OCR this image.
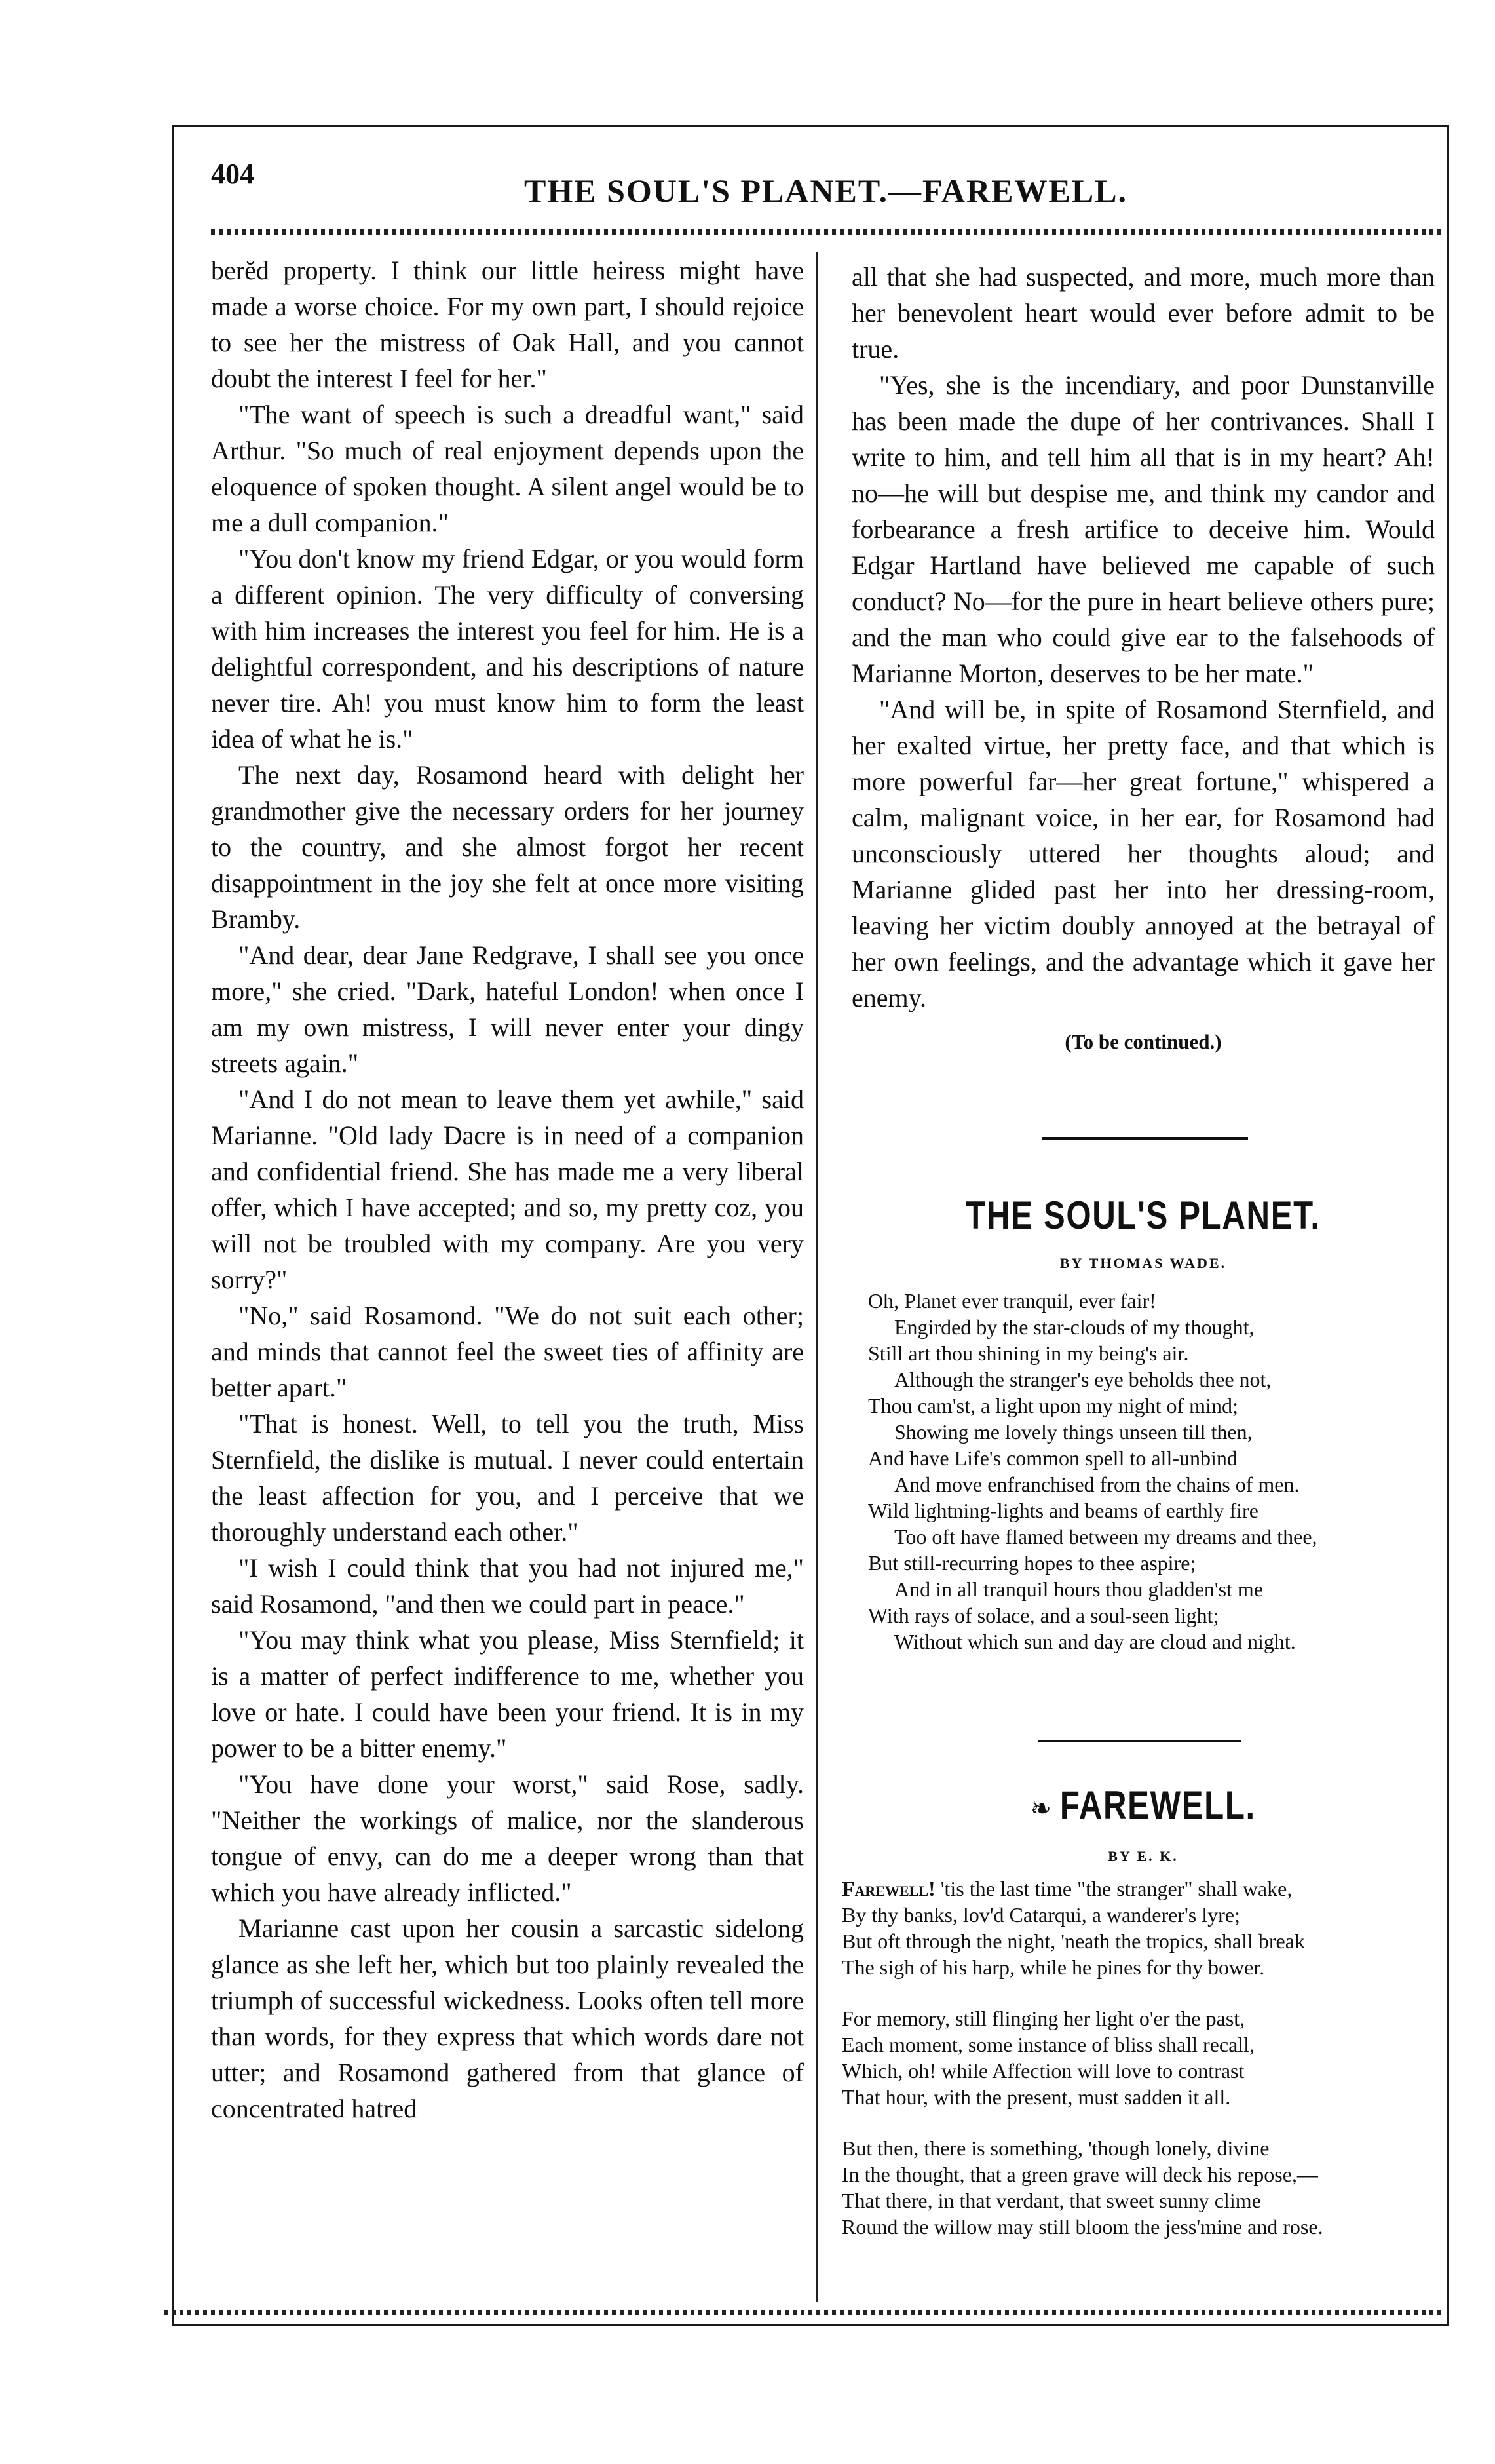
404	THE SOUL'S PLANET.—FAREWELL.

berĕd property. I think our little heiress might have made a worse choice. For my own part, I should rejoice to see her the mistress of Oak Hall, and you cannot doubt the interest I feel for her."

"The want of speech is such a dreadful want," said Arthur. "So much of real enjoyment depends upon the eloquence of spoken thought. A silent angel would be to me a dull companion."

"You don't know my friend Edgar, or you would form a different opinion. The very difficulty of conversing with him increases the interest you feel for him. He is a delightful correspondent, and his descriptions of nature never tire. Ah! you must know him to form the least idea of what he is."

The next day, Rosamond heard with delight her grandmother give the necessary orders for her journey to the country, and she almost forgot her recent disappointment in the joy she felt at once more visiting Bramby.

"And dear, dear Jane Redgrave, I shall see you once more," she cried. "Dark, hateful London! when once I am my own mistress, I will never enter your dingy streets again."

"And I do not mean to leave them yet awhile," said Marianne. "Old lady Dacre is in need of a companion and confidential friend. She has made me a very liberal offer, which I have accepted; and so, my pretty coz, you will not be troubled with my company. Are you very sorry?"

"No," said Rosamond. "We do not suit each other; and minds that cannot feel the sweet ties of affinity are better apart."

"That is honest. Well, to tell you the truth, Miss Sternfield, the dislike is mutual. I never could entertain the least affection for you, and I perceive that we thoroughly understand each other."

"I wish I could think that you had not injured me," said Rosamond, "and then we could part in peace."

"You may think what you please, Miss Sternfield; it is a matter of perfect indifference to me, whether you love or hate. I could have been your friend. It is in my power to be a bitter enemy."

"You have done your worst," said Rose, sadly. "Neither the workings of malice, nor the slanderous tongue of envy, can do me a deeper wrong than that which you have already inflicted."

Marianne cast upon her cousin a sarcastic sidelong glance as she left her, which but too plainly revealed the triumph of successful wickedness. Looks often tell more than words, for they express that which words dare not utter; and Rosamond gathered from that glance of concentrated hatred

all that she had suspected, and more, much more than her benevolent heart would ever before admit to be true.

"Yes, she is the incendiary, and poor Dunstanville has been made the dupe of her contrivances. Shall I write to him, and tell him all that is in my heart? Ah! no—he will but despise me, and think my candor and forbearance a fresh artifice to deceive him. Would Edgar Hartland have believed me capable of such conduct? No—for the pure in heart believe others pure; and the man who could give ear to the falsehoods of Marianne Morton, deserves to be her mate."

"And will be, in spite of Rosamond Sternfield, and her exalted virtue, her pretty face, and that which is more powerful far—her great fortune," whispered a calm, malignant voice, in her ear, for Rosamond had unconsciously uttered her thoughts aloud; and Marianne glided past her into her dressing-room, leaving her victim doubly annoyed at the betrayal of her own feelings, and the advantage which it gave her enemy.

(To be continued.)

THE SOUL'S PLANET.
BY THOMAS WADE.
Oh, Planet ever tranquil, ever fair!
Engirded by the star-clouds of my thought,
Still art thou shining in my being's air.
Although the stranger's eye beholds thee not,
Thou cam'st, a light upon my night of mind;
Showing me lovely things unseen till then,
And have Life's common spell to all-unbind
And move enfranchised from the chains of men.
Wild lightning-lights and beams of earthly fire
Too oft have flamed between my dreams and thee,
But still-recurring hopes to thee aspire;
And in all tranquil hours thou gladden'st me
With rays of solace, and a soul-seen light;
Without which sun and day are cloud and night.
❧ FAREWELL.
BY E. K.
Farewell! 'tis the last time "the stranger" shall wake,
By thy banks, lov'd Catarqui, a wanderer's lyre;
But oft through the night, 'neath the tropics, shall break
The sigh of his harp, while he pines for thy bower.
For memory, still flinging her light o'er the past,
Each moment, some instance of bliss shall recall,
Which, oh! while Affection will love to contrast
That hour, with the present, must sadden it all.
But then, there is something, 'though lonely, divine
In the thought, that a green grave will deck his repose,—
That there, in that verdant, that sweet sunny clime
Round the willow may still bloom the jess'mine and rose.
